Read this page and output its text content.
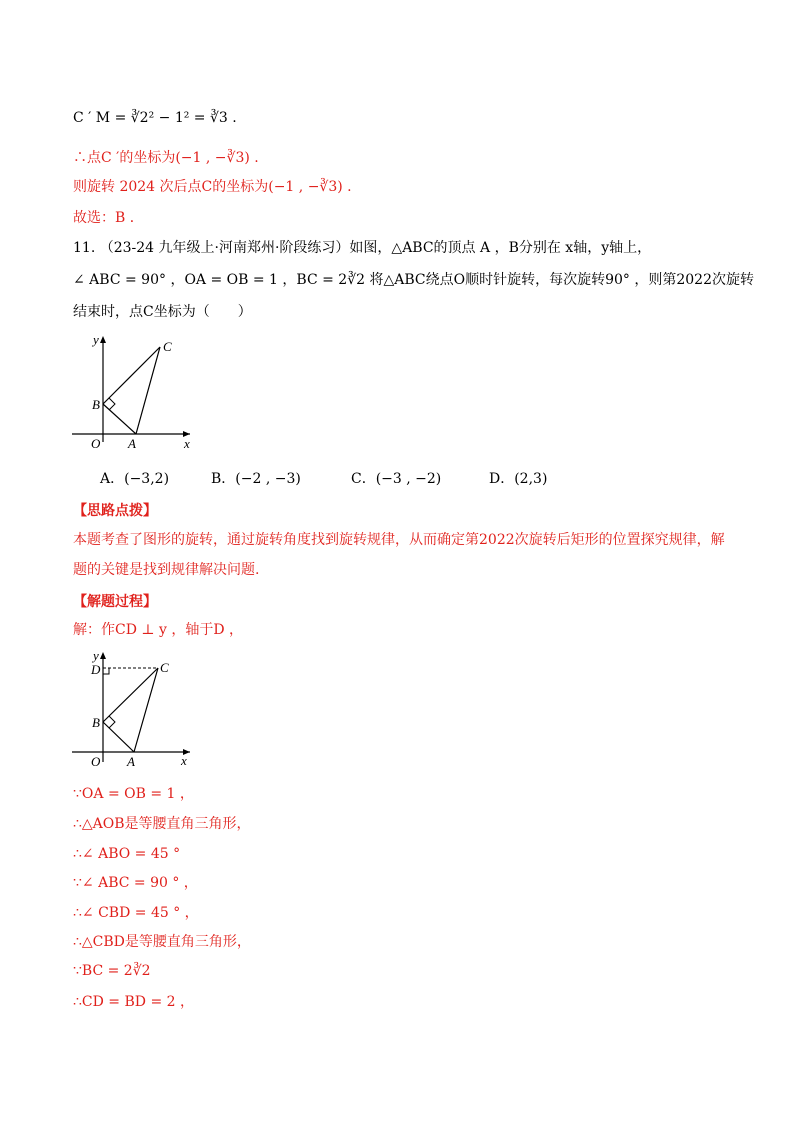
C ′ M = ∛2² − 1² = ∛3 .
∴点C ′的坐标为(−1 , −∛3) .
则旋转 2024 次后点C的坐标为(−1 , −∛3) .
故选：B ．
11. （23-24 九年级上·河南郑州·阶段练习）如图，△ABC的顶点 A ，B分别在 x轴，y轴上，
∠ ABC = 90° ，OA = OB = 1 ，BC = 2∛2 将△ABC绕点O顺时针旋转，每次旋转90° ，则第2022次旋转
结束时，点C坐标为（　　）
y
x
O A
B
C
A．(−3,2)	B．(−2 , −3)	C．(−3 , −2)	D．(2,3)
【思路点拨】
本题考查了图形的旋转，通过旋转角度找到旋转规律，从而确定第2022次旋转后矩形的位置探究规律，解
题的关键是找到规律解决问题.
【解题过程】
解：作CD ⊥ y ，轴于D ，
y
D
x
O A
B
C
∵OA = OB = 1 ，
∴△AOB是等腰直角三角形，
∴∠ ABO = 45 °
∵∠ ABC = 90 ° ，
∴∠ CBD = 45 ° ，
∴△CBD是等腰直角三角形，
∵BC = 2∛2
∴CD = BD = 2 ，
